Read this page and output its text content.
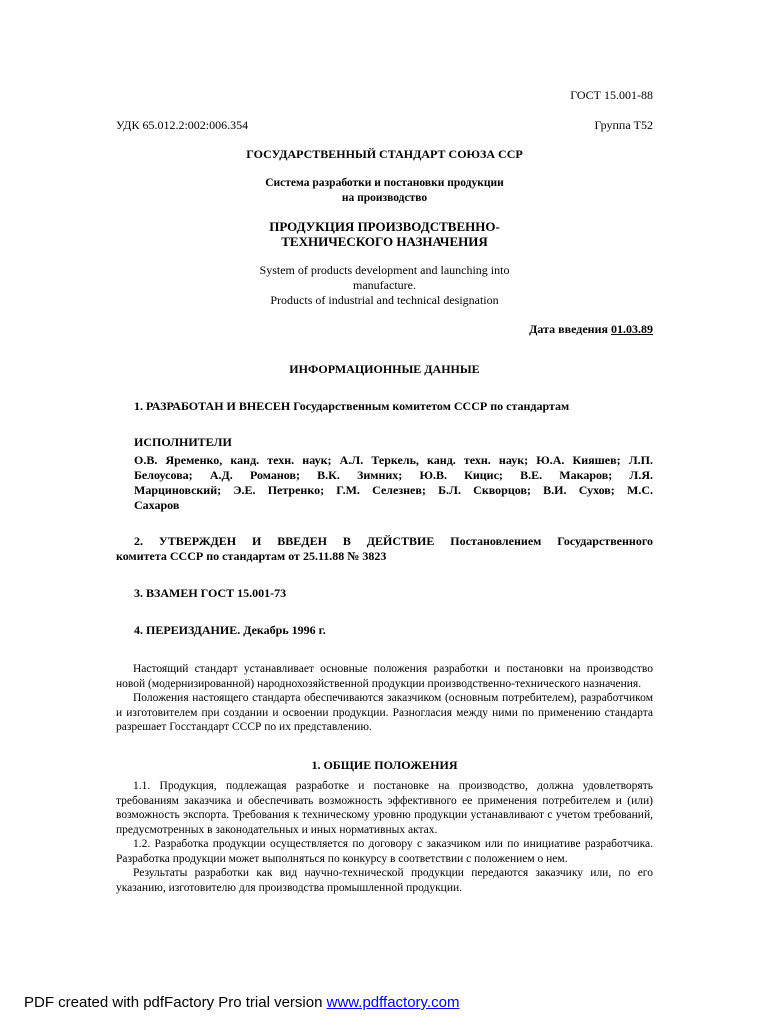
ГОСТ 15.001-88
УДК 65.012.2:002:006.354	Группа Т52
ГОСУДАРСТВЕННЫЙ СТАНДАРТ СОЮЗА ССР
Система разработки и постановки продукции
на производство
ПРОДУКЦИЯ ПРОИЗВОДСТВЕННО-
ТЕХНИЧЕСКОГО НАЗНАЧЕНИЯ
System of products development and launching into
manufacture.
Products of industrial and technical designation
Дата введения 01.03.89
ИНФОРМАЦИОННЫЕ ДАННЫЕ
1. РАЗРАБОТАН И ВНЕСЕН Государственным комитетом СССР по стандартам
ИСПОЛНИТЕЛИ
О.В. Яременко, канд. техн. наук; А.Л. Теркель, канд. техн. наук; Ю.А. Кияшев; Л.П.
Белоусова; А.Д. Романов; В.К. Зимних; Ю.В. Кицис; В.Е. Макаров; Л.Я.
Марциновский; Э.Е. Петренко; Г.М. Селезнев; Б.Л. Скворцов; В.И. Сухов; М.С.
Сахаров
2. УТВЕРЖДЕН И ВВЕДЕН В ДЕЙСТВИЕ Постановлением Государственного
комитета СССР по стандартам от 25.11.88 № 3823
3. ВЗАМЕН ГОСТ 15.001-73
4. ПЕРЕИЗДАНИЕ. Декабрь 1996 г.

Настоящий стандарт устанавливает основные положения разработки и постановки на производство новой (модернизированной) народнохозяйственной продукции производственно-технического назначения.

Положения настоящего стандарта обеспечиваются заказчиком (основным потребителем), разработчиком и изготовителем при создании и освоении продукции. Разногласия между ними по применению стандарта разрешает Госстандарт СССР по их представлению.

1. ОБЩИЕ ПОЛОЖЕНИЯ

1.1. Продукция, подлежащая разработке и постановке на производство, должна удовлетворять требованиям заказчика и обеспечивать возможность эффективного ее применения потребителем и (или) возможность экспорта. Требования к техническому уровню продукции устанавливают с учетом требований, предусмотренных в законодательных и иных нормативных актах.

1.2. Разработка продукции осуществляется по договору с заказчиком или по инициативе разработчика. Разработка продукции может выполняться по конкурсу в соответствии с положением о нем.

Результаты разработки как вид научно-технической продукции передаются заказчику или, по его указанию, изготовителю для производства промышленной продукции.

PDF created with pdfFactory Pro trial version www.pdffactory.com
